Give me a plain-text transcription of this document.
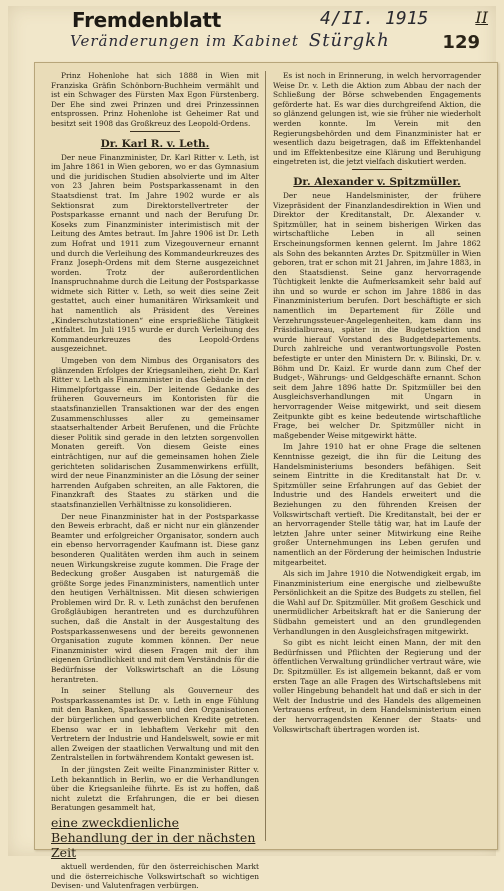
Fremdenblatt	4/II. 1915	II
Veränderungen im Kabinet Stürgkh	129

Prinz Hohenlohe hat sich 1888 in Wien mit Franziska Gräfin Schönborn-Buchheim vermählt und ist ein Schwager des Fürsten Max Egon Fürstenberg. Der Ehe sind zwei Prinzen und drei Prinzessinnen entsprossen. Prinz Hohenlohe ist Geheimer Rat und besitzt seit 1908 das Großkreuz des Leopold-Ordens.

Dr. Karl R. v. Leth.

Der neue Finanzminister, Dr. Karl Ritter v. Leth, ist im Jahre 1861 in Wien geboren, wo er das Gymnasium und die juridischen Studien absolvierte und im Alter von 23 Jahren beim Postsparkassenamt in den Staatsdienst trat. Im Jahre 1902 wurde er als Sektionsrat zum Direktorstellvertreter der Postsparkasse ernannt und nach der Berufung Dr. Koseks zum Finanzminister interimistisch mit der Leitung des Amtes betraut. Im Jahre 1906 ist Dr. Leth zum Hofrat und 1911 zum Vizegouverneur ernannt und durch die Verleihung des Kommandeurkreuzes des Franz Joseph-Ordens mit dem Sterne ausgezeichnet worden. Trotz der außerordentlichen Inanspruchnahme durch die Leitung der Postsparkasse widmete sich Ritter v. Leth, so weit dies seine Zeit gestattet, auch einer humanitären Wirksamkeit und hat namentlich als Präsident des Vereines „Kinderschutzstationen“ eine ersprießliche Tätigkeit entfaltet. Im Juli 1915 wurde er durch Verleihung des Kommandeurkreuzes des Leopold-Ordens ausgezeichnet.

Umgeben von dem Nimbus des Organisators des glänzenden Erfolges der Kriegsanleihen, zieht Dr. Karl Ritter v. Leth als Finanzminister in das Gebäude in der Himmelpfortgasse ein. Der leitende Gedanke des früheren Gouverneurs im Kontoristen für die staatsfinanziellen Transaktionen war der des engen Zusammenschlusses aller zu gemeinsamer staatserhaltender Arbeit Berufenen, und die Früchte dieser Politik sind gerade in den letzten sorgenvollen Monaten gereift. Von diesem Geiste eines einträchtigen, nur auf die gemeinsamen hohen Ziele gerichteten solidarischen Zusammenwirkens erfüllt, wird der neue Finanzminister an die Lösung der seiner harrenden Aufgaben schreiten, an alle Faktoren, die Finanzkraft des Staates zu stärken und die staatsfinanziellen Verhältnisse zu konsolidieren.

Der neue Finanzminister hat in der Postsparkasse den Beweis erbracht, daß er nicht nur ein glänzender Beamter und erfolgreicher Organisator, sondern auch ein ebenso hervorragender Kaufmann ist. Diese ganz besonderen Qualitäten werden ihm auch in seinem neuen Wirkungskreise zugute kommen. Die Frage der Bedeckung großer Ausgaben ist naturgemäß die größte Sorge jedes Finanzministers, namentlich unter den heutigen Verhältnissen. Mit diesen schwierigen Problemen wird Dr. R. v. Leth zunächst den berufenen Großgläubigen herantreten und es durchzuführen suchen, daß die Anstalt in der Ausgestaltung des Postsparkassenwesens und der bereits gewonnenen Organisation zugute kommen können. Der neue Finanzminister wird diesen Fragen mit der ihm eigenen Gründlichkeit und mit dem Verständnis für die Bedürfnisse der Volkswirtschaft an die Lösung herantreten.

In seiner Stellung als Gouverneur des Postsparkassenamtes ist Dr. v. Leth in enge Fühlung mit den Banken, Sparkassen und den Organisationen der bürgerlichen und gewerblichen Kredite getreten. Ebenso war er in lebhaftem Verkehr mit den Vertretern der Industrie und Handelswelt, sowie er mit allen Zweigen der staatlichen Verwaltung und mit den Zentralstellen in fortwährendem Kontakt gewesen ist.

In der jüngsten Zeit weilte Finanzminister Ritter v. Leth bekanntlich in Berlin, wo er die Verhandlungen über die Kriegsanleihe führte. Es ist zu hoffen, daß nicht zuletzt die Erfahrungen, die er bei diesen Beratungen gesammelt hat,

eine zweckdienliche Behandlung der in der nächsten Zeit

aktuell werdenden, für den österreichischen Markt und die österreichische Volkswirtschaft so wichtigen Devisen- und Valutenfragen verbürgen.

Es ist noch in Erinnerung, in welch hervorragender Weise Dr. v. Leth die Aktion zum Abbau der nach der Schließung der Börse schwebenden Engagements geförderte hat. Es war dies durchgreifend Aktion, die so glänzend gelungen ist, wie sie früher nie wiederholt werden konnte. Im Verein mit den Regierungsbehörden und dem Finanzminister hat er wesentlich dazu beigetragen, daß im Effektenhandel und im Effektenbesitze eine Klärung und Beruhigung eingetreten ist, die jetzt vielfach diskutiert werden.

Dr. Alexander v. Spitzmüller.

Der neue Handelsminister, der frühere Vizepräsident der Finanzlandesdirektion in Wien und Direktor der Kreditanstalt, Dr. Alexander v. Spitzmüller, hat in seinem bisherigen Wirken das wirtschaftliche Leben in all seinen Erscheinungsformen kennen gelernt. Im Jahre 1862 als Sohn des bekannten Arztes Dr. Spitzmüller in Wien geboren, trat er schon mit 21 Jahren, im Jahre 1883, in den Staatsdienst. Seine ganz hervorragende Tüchtigkeit lenkte die Aufmerksamkeit sehr bald auf ihn und so wurde er schon im Jahre 1886 in das Finanzministerium berufen. Dort beschäftigte er sich namentlich im Departement für Zölle und Verzehrungssteuer-Angelegenheiten, kam dann ins Präsidialbureau, später in die Budgetsektion und wurde hierauf Vorstand des Budgetdepartements. Durch zahlreiche und verantwortungsvolle Posten befestigte er unter den Ministern Dr. v. Bilinski, Dr. v. Böhm und Dr. Kaizl. Er wurde dann zum Chef der Budget-, Währungs- und Geldgeschäfte ernannt. Schon seit dem Jahre 1896 hatte Dr. Spitzmüller bei den Ausgleichsverhandlungen mit Ungarn in hervorragender Weise mitgewirkt, und seit diesem Zeitpunkte gibt es keine bedeutende wirtschaftliche Frage, bei welcher Dr. Spitzmüller nicht in maßgebender Weise mitgewirkt hätte.

Im Jahre 1910 hat er ohne Frage die seltenen Kenntnisse gezeigt, die ihn für die Leitung des Handelsministeriums besonders befähigen. Seit seinem Eintritte in die Kreditanstalt hat Dr. v. Spitzmüller seine Erfahrungen auf das Gebiet der Industrie und des Handels erweitert und die Beziehungen zu den führenden Kreisen der Volkswirtschaft vertieft. Die Kreditanstalt, bei der er an hervorragender Stelle tätig war, hat im Laufe der letzten Jahre unter seiner Mitwirkung eine Reihe großer Unternehmungen ins Leben gerufen und namentlich an der Förderung der heimischen Industrie mitgearbeitet.

Als sich im Jahre 1910 die Notwendigkeit ergab, im Finanzministerium eine energische und zielbewußte Persönlichkeit an die Spitze des Budgets zu stellen, fiel die Wahl auf Dr. Spitzmüller. Mit großem Geschick und unermüdlicher Arbeitskraft hat er die Sanierung der Südbahn gemeistert und an den grundlegenden Verhandlungen in den Ausgleichsfragen mitgewirkt.

So gibt es nicht leicht einen Mann, der mit den Bedürfnissen und Pflichten der Regierung und der öffentlichen Verwaltung gründlicher vertraut wäre, wie Dr. Spitzmüller. Es ist allgemein bekannt, daß er vom ersten Tage an alle Fragen des Wirtschaftslebens mit voller Hingebung behandelt hat und daß er sich in der Welt der Industrie und des Handels des allgemeinen Vertrauens erfreut, in dem Handelsministerium einen der hervorragendsten Kenner der Staats- und Volkswirtschaft übertragen worden ist.
